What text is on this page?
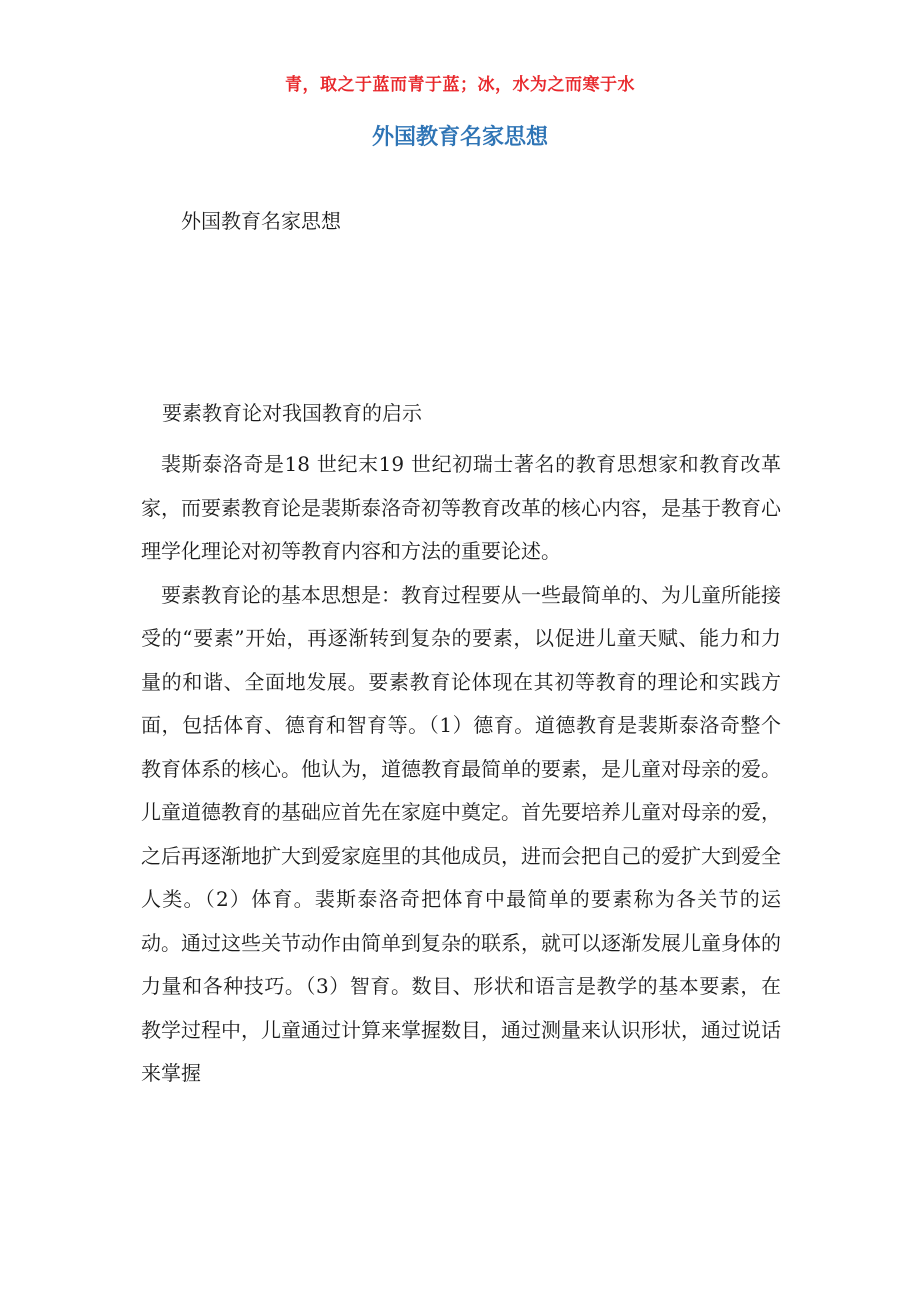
青，取之于蓝而青于蓝；冰，水为之而寒于水
外国教育名家思想
外国教育名家思想
要素教育论对我国教育的启示

裴斯泰洛奇是18 世纪末19 世纪初瑞士著名的教育思想家和教育改革家，而要素教育论是裴斯泰洛奇初等教育改革的核心内容，是基于教育心理学化理论对初等教育内容和方法的重要论述。

要素教育论的基本思想是：教育过程要从一些最简单的、为儿童所能接受的“要素”开始，再逐渐转到复杂的要素，以促进儿童天赋、能力和力量的和谐、全面地发展。要素教育论体现在其初等教育的理论和实践方面，包括体育、德育和智育等。（1）德育。道德教育是裴斯泰洛奇整个教育体系的核心。他认为，道德教育最简单的要素，是儿童对母亲的爱。儿童道德教育的基础应首先在家庭中奠定。首先要培养儿童对母亲的爱，之后再逐渐地扩大到爱家庭里的其他成员，进而会把自己的爱扩大到爱全人类。（2）体育。裴斯泰洛奇把体育中最简单的要素称为各关节的运动。通过这些关节动作由简单到复杂的联系，就可以逐渐发展儿童身体的力量和各种技巧。（3）智育。数目、形状和语言是教学的基本要素，在教学过程中，儿童通过计算来掌握数目，通过测量来认识形状，通过说话来掌握
